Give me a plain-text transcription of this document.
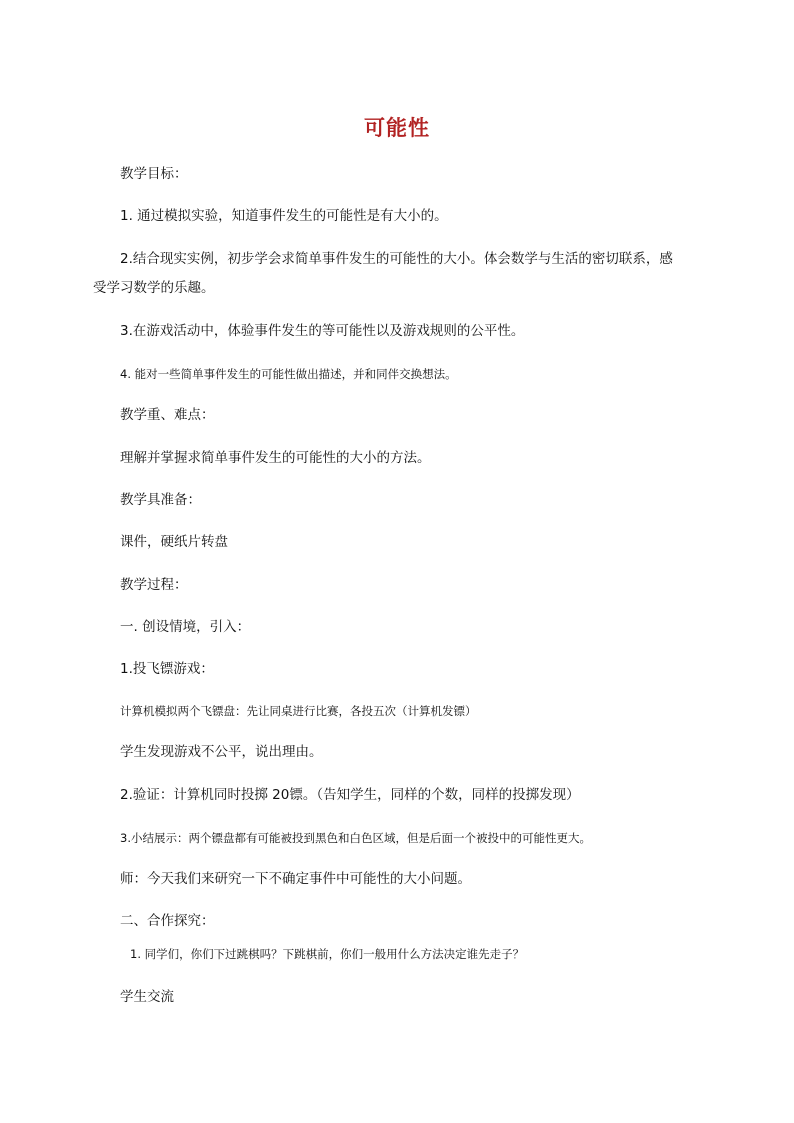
可能性
教学目标：
1. 通过模拟实验，知道事件发生的可能性是有大小的。
2.结合现实实例，初步学会求简单事件发生的可能性的大小。体会数学与生活的密切联系，感
受学习数学的乐趣。
3.在游戏活动中，体验事件发生的等可能性以及游戏规则的公平性。
4. 能对一些简单事件发生的可能性做出描述，并和同伴交换想法。
教学重、难点：
理解并掌握求简单事件发生的可能性的大小的方法。
教学具准备：
课件，硬纸片转盘
教学过程：
一. 创设情境，引入：
1.投飞镖游戏：
计算机模拟两个飞镖盘：先让同桌进行比赛，各投五次（计算机发镖）
学生发现游戏不公平，说出理由。
2.验证：计算机同时投掷 20镖。（告知学生，同样的个数，同样的投掷发现）
3.小结展示：两个镖盘都有可能被投到黑色和白色区域，但是后面一个被投中的可能性更大。
师：今天我们来研究一下不确定事件中可能性的大小问题。
二、合作探究：
1. 同学们，你们下过跳棋吗？下跳棋前，你们一般用什么方法决定谁先走子？
学生交流
